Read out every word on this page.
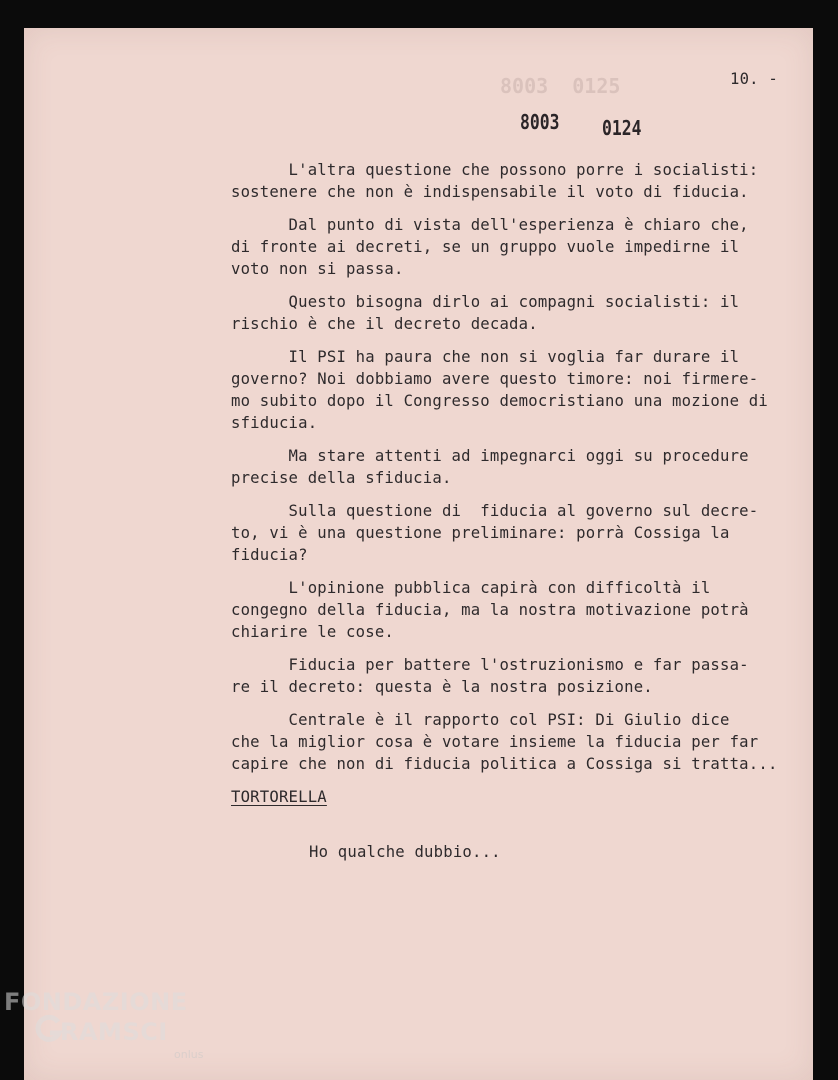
8003  0125	10. -
8003 0124

L'altra questione che possono porre i socialisti:
sostenere che non è indispensabile il voto di fiducia.

Dal punto di vista dell'esperienza è chiaro che,
di fronte ai decreti, se un gruppo vuole impedirne il
voto non si passa.

Questo bisogna dirlo ai compagni socialisti: il
rischio è che il decreto decada.

Il PSI ha paura che non si voglia far durare il
governo? Noi dobbiamo avere questo timore: noi firmere-
mo subito dopo il Congresso democristiano una mozione di
sfiducia.

Ma stare attenti ad impegnarci oggi su procedure
precise della sfiducia.

Sulla questione di  fiducia al governo sul decre-
to, vi è una questione preliminare: porrà Cossiga la
fiducia?

L'opinione pubblica capirà con difficoltà il
congegno della fiducia, ma la nostra motivazione potrà
chiarire le cose.

Fiducia per battere l'ostruzionismo e far passa-
re il decreto: questa è la nostra posizione.

Centrale è il rapporto col PSI: Di Giulio dice
che la miglior cosa è votare insieme la fiducia per far
capire che non di fiducia politica a Cossiga si tratta...

TORTORELLA
Ho qualche dubbio...
FONDAZIONE
RAMSCI
onlus
